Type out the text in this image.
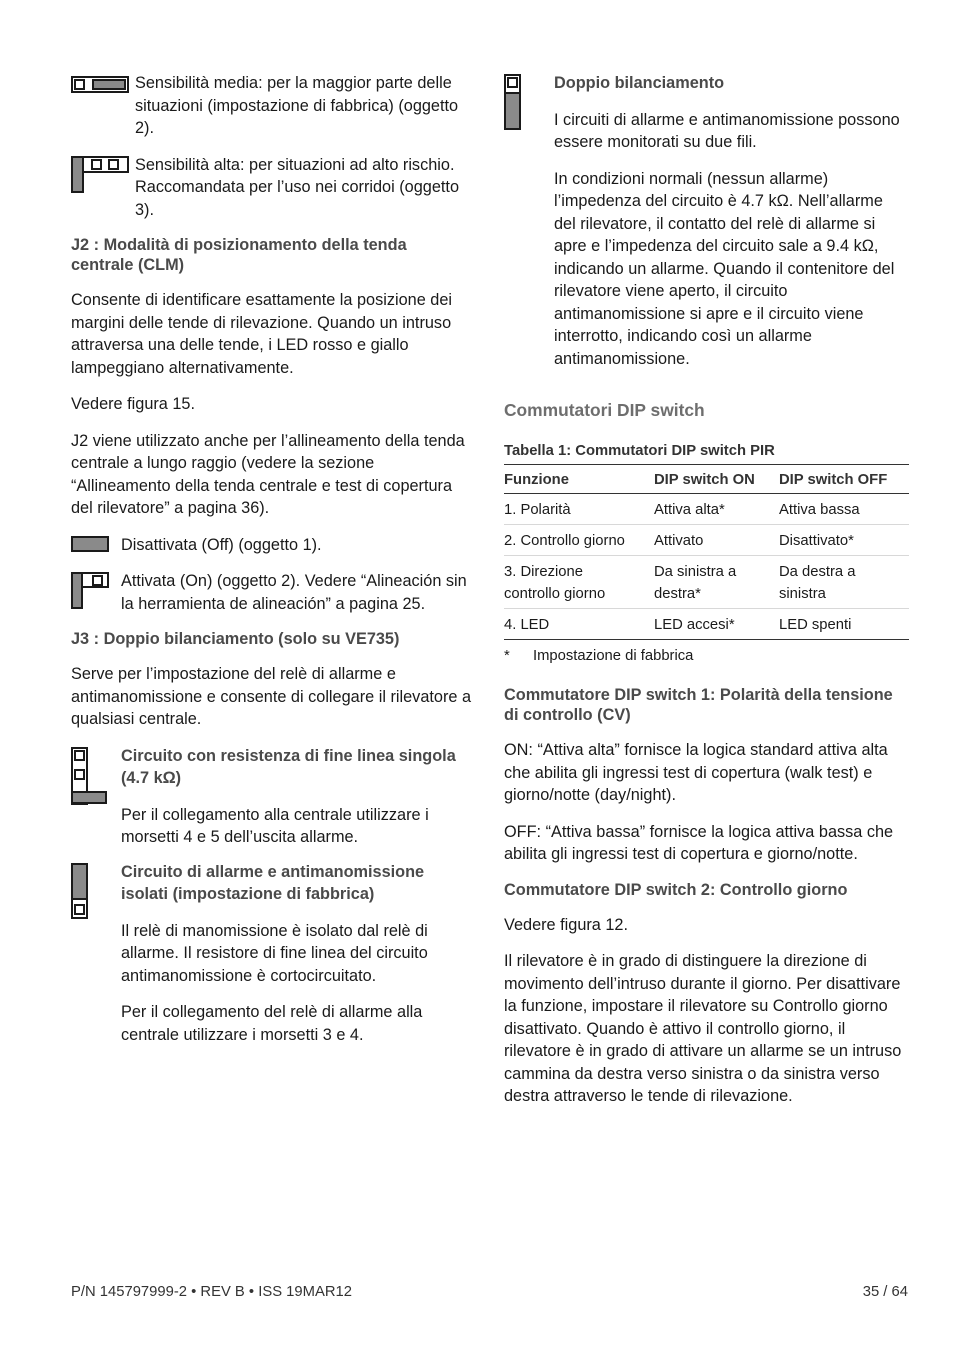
Sensibilità media: per la maggior parte delle situazioni (impostazione di fabbrica) (oggetto 2).

Sensibilità alta: per situazioni ad alto rischio. Raccomandata per l’uso nei corridoi (oggetto 3).

J2 : Modalità di posizionamento della tenda centrale (CLM)

Consente di identificare esattamente la posizione dei margini delle tende di rilevazione. Quando un intruso attraversa una delle tende, i LED rosso e giallo lampeggiano alternativamente.

Vedere figura 15.

J2 viene utilizzato anche per l’allineamento della tenda centrale a lungo raggio (vedere la sezione “Allineamento della tenda centrale e test di copertura del rilevatore” a pagina 36).

Disattivata (Off) (oggetto 1).

Attivata (On) (oggetto 2). Vedere “Alineación sin la herramienta de alineación” a pagina 25.

J3 : Doppio bilanciamento (solo su VE735)

Serve per l’impostazione del relè di allarme e antimanomissione e consente di collegare il rilevatore a qualsiasi centrale.

Circuito con resistenza di fine linea singola (4.7 kΩ)

Per il collegamento alla centrale utilizzare i morsetti 4 e 5 dell’uscita allarme.

Circuito di allarme e antimanomissione isolati (impostazione di fabbrica)

Il relè di manomissione è isolato dal relè di allarme. Il resistore di fine linea del circuito antimanomissione è cortocircuitato.

Per il collegamento del relè di allarme alla centrale utilizzare i morsetti 3 e 4.

Doppio bilanciamento

I circuiti di allarme e antimanomissione possono essere monitorati su due fili.

In condizioni normali (nessun allarme) l’impedenza del circuito è 4.7 kΩ. Nell’allarme del rilevatore, il contatto del relè di allarme si apre e l’impedenza del circuito sale a 9.4 kΩ, indicando un allarme. Quando il contenitore del rilevatore viene aperto, il circuito antimanomissione si apre e il circuito viene interrotto, indicando così un allarme antimanomissione.

Commutatori DIP switch
Tabella 1: Commutatori DIP switch PIR
Funzione	DIP switch ON	DIP switch OFF
1. Polarità	Attiva alta*	Attiva bassa
2. Controllo giorno	Attivato	Disattivato*
3. Direzione controllo giorno	Da sinistra a destra*	Da destra a sinistra
4. LED	LED accesi*	LED spenti
*	Impostazione di fabbrica
Commutatore DIP switch 1: Polarità della tensione di controllo (CV)

ON: “Attiva alta” fornisce la logica standard attiva alta che abilita gli ingressi test di copertura (walk test) e giorno/notte (day/night).

OFF: “Attiva bassa” fornisce la logica attiva bassa che abilita gli ingressi test di copertura e giorno/notte.

Commutatore DIP switch 2: Controllo giorno

Vedere figura 12.

Il rilevatore è in grado di distinguere la direzione di movimento dell’intruso durante il giorno. Per disattivare la funzione, impostare il rilevatore su Controllo giorno disattivato. Quando è attivo il controllo giorno, il rilevatore è in grado di attivare un allarme se un intruso cammina da destra verso sinistra o da sinistra verso destra attraverso le tende di rilevazione.

P/N 145797999-2 • REV B • ISS 19MAR12	35 / 64
